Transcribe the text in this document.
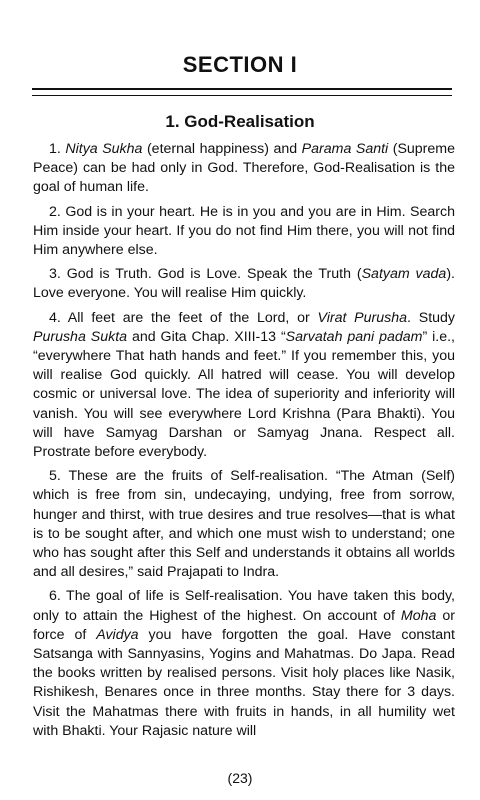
SECTION I
1. God-Realisation

1. Nitya Sukha (eternal happiness) and Parama Santi (Supreme Peace) can be had only in God. Therefore, God-Realisation is the goal of human life.

2. God is in your heart. He is in you and you are in Him. Search Him inside your heart. If you do not find Him there, you will not find Him anywhere else.

3. God is Truth. God is Love. Speak the Truth (Satyam vada). Love everyone. You will realise Him quickly.

4. All feet are the feet of the Lord, or Virat Purusha. Study Purusha Sukta and Gita Chap. XIII-13 “Sarvatah pani padam” i.e., “everywhere That hath hands and feet.” If you remember this, you will realise God quickly. All hatred will cease. You will develop cosmic or universal love. The idea of superiority and inferiority will vanish. You will see everywhere Lord Krishna (Para Bhakti). You will have Samyag Darshan or Samyag Jnana. Respect all. Prostrate before everybody.

5. These are the fruits of Self-realisation. “The Atman (Self) which is free from sin, undecaying, undying, free from sorrow, hunger and thirst, with true desires and true resolves—that is what is to be sought after, and which one must wish to understand; one who has sought after this Self and understands it obtains all worlds and all desires,” said Prajapati to Indra.

6. The goal of life is Self-realisation. You have taken this body, only to attain the Highest of the highest. On account of Moha or force of Avidya you have forgotten the goal. Have constant Satsanga with Sannyasins, Yogins and Mahatmas. Do Japa. Read the books written by realised persons. Visit holy places like Nasik, Rishikesh, Benares once in three months. Stay there for 3 days. Visit the Mahatmas there with fruits in hands, in all humility wet with Bhakti. Your Rajasic nature will

(23)
